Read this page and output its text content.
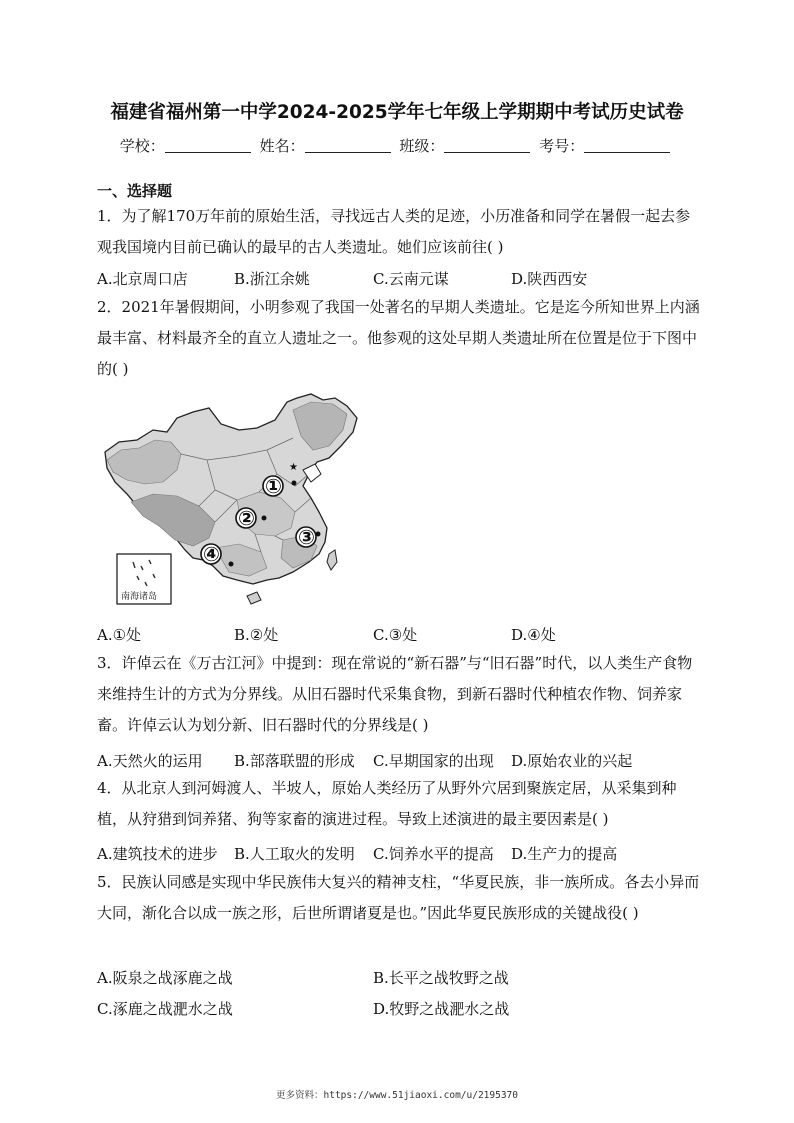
福建省福州第一中学2024-2025学年七年级上学期期中考试历史试卷
学校：	姓名：	班级：	考号：
一、选择题
1．为了解170万年前的原始生活，寻找远古人类的足迹，小历准备和同学在暑假一起去参观我国境内目前已确认的最早的古人类遗址。她们应该前往( )
A.北京周口店	B.浙江余姚	C.云南元谋	D.陕西西安
2．2021年暑假期间，小明参观了我国一处著名的早期人类遗址。它是迄今所知世界上内涵最丰富、材料最齐全的直立人遗址之一。他参观的这处早期人类遗址所在位置是位于下图中的( )
★
①
②
③
④
南海诸岛
A.①处	B.②处	C.③处	D.④处
3．许倬云在《万古江河》中提到：现在常说的“新石器”与“旧石器”时代，以人类生产食物来维持生计的方式为分界线。从旧石器时代采集食物，到新石器时代种植农作物、饲养家畜。许倬云认为划分新、旧石器时代的分界线是( )
A.天然火的运用 B.部落联盟的形成 C.早期国家的出现 D.原始农业的兴起
4．从北京人到河姆渡人、半坡人，原始人类经历了从野外穴居到聚族定居，从采集到种植，从狩猎到饲养猪、狗等家畜的演进过程。导致上述演进的最主要因素是( )
A.建筑技术的进步 B.人工取火的发明 C.饲养水平的提高 D.生产力的提高
5．民族认同感是实现中华民族伟大复兴的精神支柱，“华夏民族，非一族所成。各去小异而大同，渐化合以成一族之形，后世所谓诸夏是也。”因此华夏民族形成的关键战役( )
A.阪泉之战涿鹿之战	B.长平之战牧野之战
C.涿鹿之战淝水之战	D.牧野之战淝水之战
更多资料：https://www.51jiaoxi.com/u/2195370
